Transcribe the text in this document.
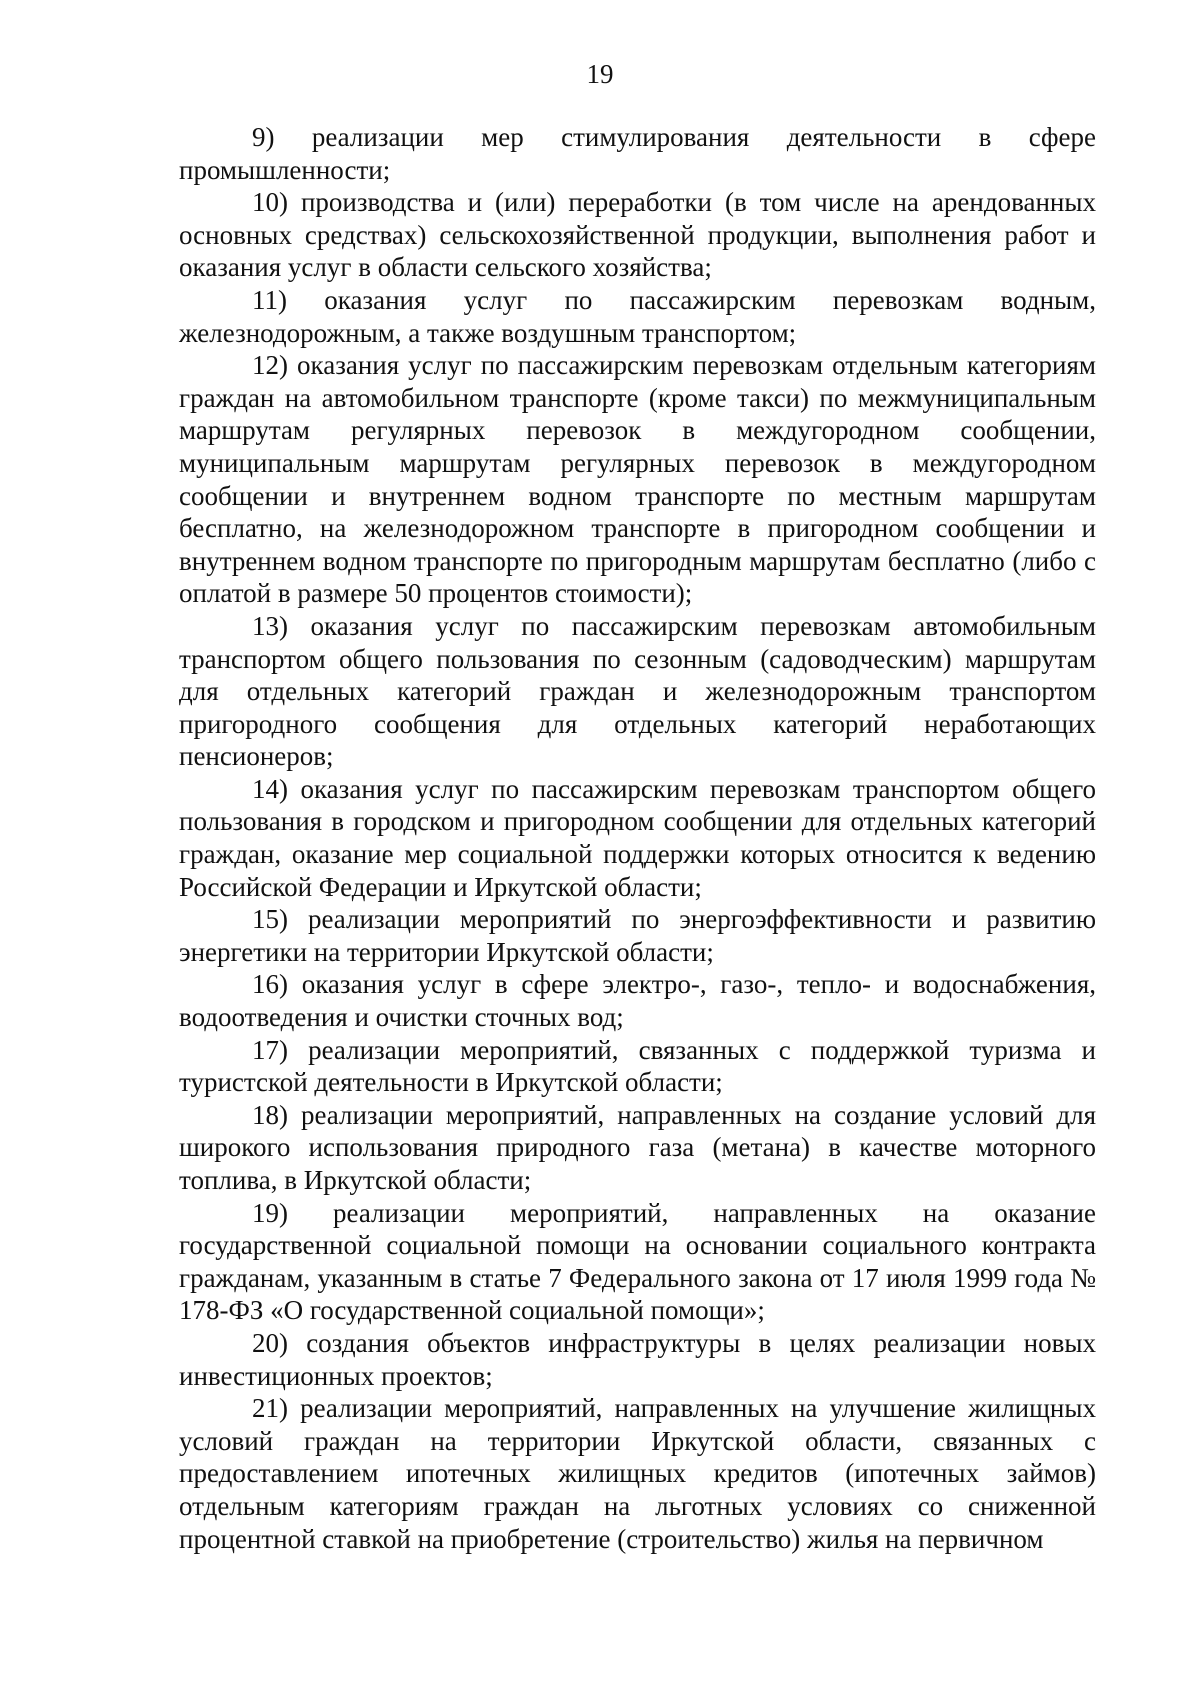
19

9) реализации мер стимулирования деятельности в сфере промышленности;

10) производства и (или) переработки (в том числе на арендованных основных средствах) сельскохозяйственной продукции, выполнения работ и оказания услуг в области сельского хозяйства;

11) оказания услуг по пассажирским перевозкам водным, железнодорожным, а также воздушным транспортом;

12) оказания услуг по пассажирским перевозкам отдельным категориям граждан на автомобильном транспорте (кроме такси) по межмуниципальным маршрутам регулярных перевозок в междугородном сообщении, муниципальным маршрутам регулярных перевозок в междугородном сообщении и внутреннем водном транспорте по местным маршрутам бесплатно, на железнодорожном транспорте в пригородном сообщении и внутреннем водном транспорте по пригородным маршрутам бесплатно (либо с оплатой в размере 50 процентов стоимости);

13) оказания услуг по пассажирским перевозкам автомобильным транспортом общего пользования по сезонным (садоводческим) маршрутам для отдельных категорий граждан и железнодорожным транспортом пригородного сообщения для отдельных категорий неработающих пенсионеров;

14) оказания услуг по пассажирским перевозкам транспортом общего пользования в городском и пригородном сообщении для отдельных категорий граждан, оказание мер социальной поддержки которых относится к ведению Российской Федерации и Иркутской области;

15) реализации мероприятий по энергоэффективности и развитию энергетики на территории Иркутской области;

16) оказания услуг в сфере электро-, газо-, тепло- и водоснабжения, водоотведения и очистки сточных вод;

17) реализации мероприятий, связанных с поддержкой туризма и туристской деятельности в Иркутской области;

18) реализации мероприятий, направленных на создание условий для широкого использования природного газа (метана) в качестве моторного топлива, в Иркутской области;

19) реализации мероприятий, направленных на оказание государственной социальной помощи на основании социального контракта гражданам, указанным в статье 7 Федерального закона от 17 июля 1999 года № 178-ФЗ «О государственной социальной помощи»;

20) создания объектов инфраструктуры в целях реализации новых инвестиционных проектов;

21) реализации мероприятий, направленных на улучшение жилищных условий граждан на территории Иркутской области, связанных с предоставлением ипотечных жилищных кредитов (ипотечных займов) отдельным категориям граждан на льготных условиях со сниженной процентной ставкой на приобретение (строительство) жилья на первичном
